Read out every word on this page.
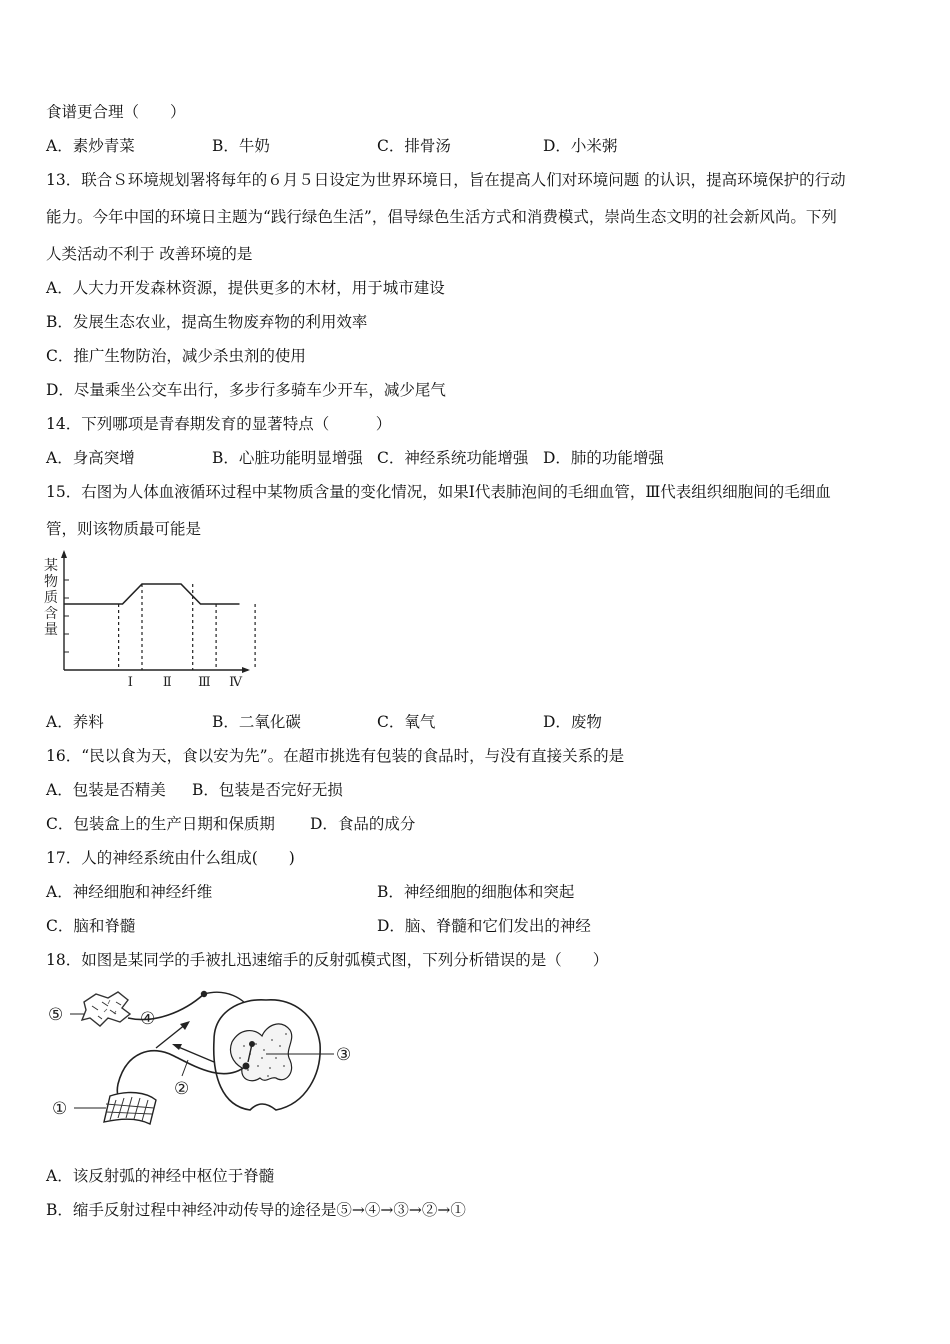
食谱更合理（　　）
A．素炒青菜	B．牛奶	C．排骨汤	D．小米粥
13．联合Ｓ环境规划署将每年的６月５日设定为世界环境日，旨在提高人们对环境问题 的认识，提高环境保护的行动
能力。今年中国的环境日主题为“践行绿色生活”，倡导绿色生活方式和消费模式，崇尚生态文明的社会新风尚。下列
人类活动不利于 改善环境的是
A．人大力开发森林资源，提供更多的木材，用于城市建设
B．发展生态农业，提高生物废弃物的利用效率
C．推广生物防治，减少杀虫剂的使用
D．尽量乘坐公交车出行，多步行多骑车少开车，减少尾气
14．下列哪项是青春期发育的显著特点（　　　）
A．身高突增	B．心脏功能明显增强 C．神经系统功能增强 D．肺的功能增强
15．右图为人体血液循环过程中某物质含量的变化情况，如果Ⅰ代表肺泡间的毛细血管，Ⅲ代表组织细胞间的毛细血
管，则该物质最可能是
某
物
质
含
量
Ⅰ Ⅱ Ⅲ Ⅳ
A．养料	B．二氧化碳	C．氧气	D．废物
16．“民以食为天，食以安为先”。在超市挑选有包装的食品时，与没有直接关系的是
A．包装是否精美 B．包装是否完好无损
C．包装盒上的生产日期和保质期 D．食品的成分
17．人的神经系统由什么组成(　　)
A．神经细胞和神经纤维	B．神经细胞的细胞体和突起
C．脑和脊髓	D．脑、脊髓和它们发出的神经
18．如图是某同学的手被扎迅速缩手的反射弧模式图，下列分析错误的是（　　）
⑤	④
③
②
①
A．该反射弧的神经中枢位于脊髓
B．缩手反射过程中神经冲动传导的途径是⑤→④→③→②→①
